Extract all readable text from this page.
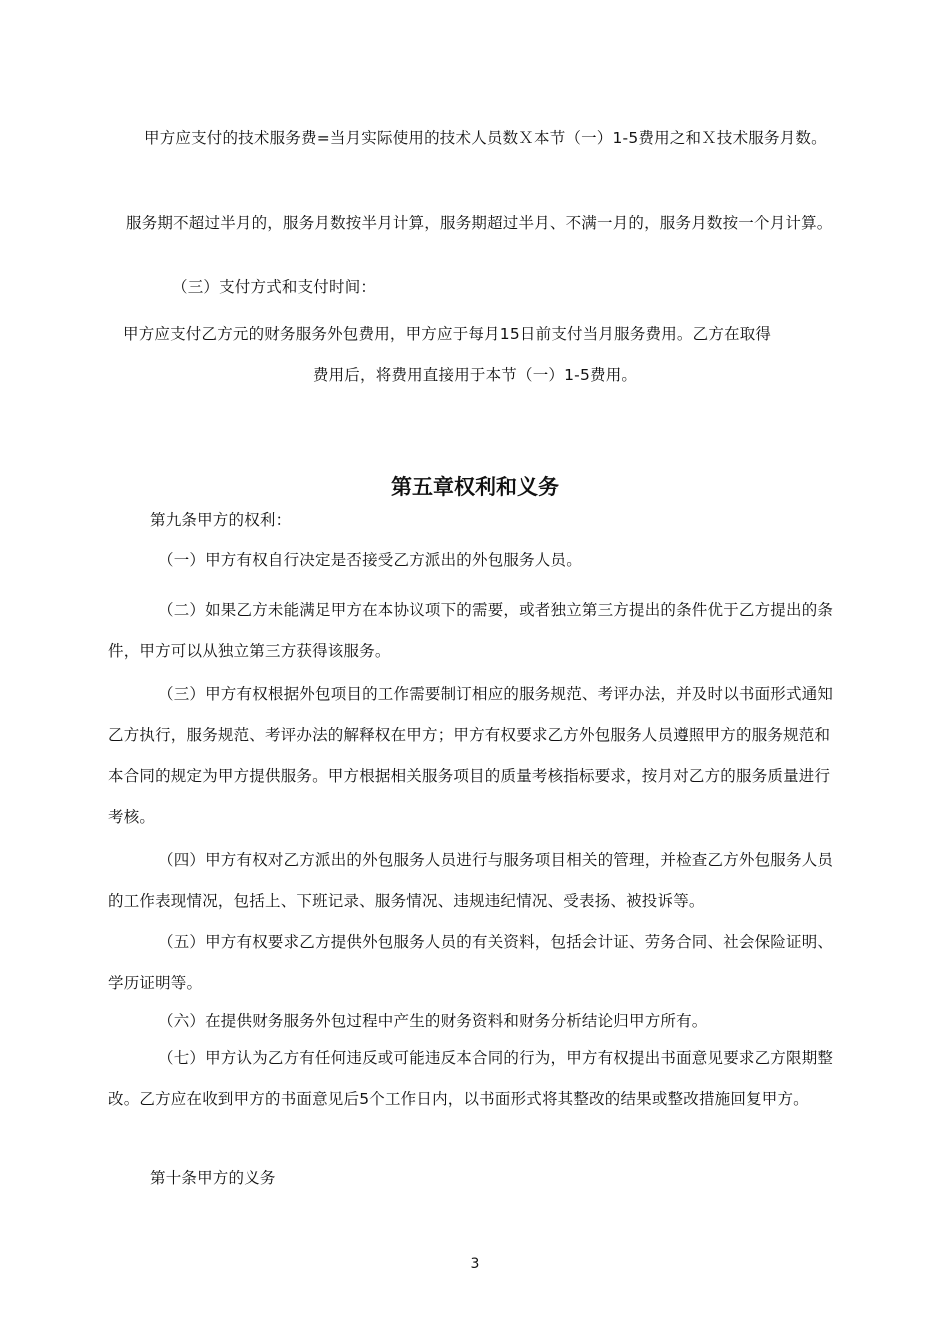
甲方应支付的技术服务费=当月实际使用的技术人员数Ｘ本节（一）1-5费用之和Ｘ技术服务月数。

服务期不超过半月的，服务月数按半月计算，服务期超过半月、不满一月的，服务月数按一个月计算。

（三）支付方式和支付时间：

甲方应支付乙方元的财务服务外包费用，甲方应于每月15日前支付当月服务费用。乙方在取得

费用后，将费用直接用于本节（一）1-5费用。

第五章权利和义务

第九条甲方的权利：

（一）甲方有权自行决定是否接受乙方派出的外包服务人员。

（二）如果乙方未能满足甲方在本协议项下的需要，或者独立第三方提出的条件优于乙方提出的条件，甲方可以从独立第三方获得该服务。

（三）甲方有权根据外包项目的工作需要制订相应的服务规范、考评办法，并及时以书面形式通知乙方执行，服务规范、考评办法的解释权在甲方；甲方有权要求乙方外包服务人员遵照甲方的服务规范和本合同的规定为甲方提供服务。甲方根据相关服务项目的质量考核指标要求，按月对乙方的服务质量进行考核。

（四）甲方有权对乙方派出的外包服务人员进行与服务项目相关的管理，并检查乙方外包服务人员的工作表现情况，包括上、下班记录、服务情况、违规违纪情况、受表扬、被投诉等。

（五）甲方有权要求乙方提供外包服务人员的有关资料，包括会计证、劳务合同、社会保险证明、学历证明等。

（六）在提供财务服务外包过程中产生的财务资料和财务分析结论归甲方所有。

（七）甲方认为乙方有任何违反或可能违反本合同的行为，甲方有权提出书面意见要求乙方限期整改。乙方应在收到甲方的书面意见后5个工作日内，以书面形式将其整改的结果或整改措施回复甲方。

第十条甲方的义务

3
